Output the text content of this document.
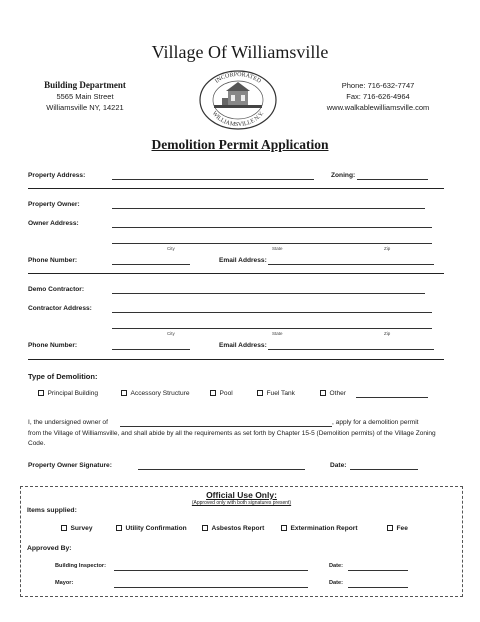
Village Of Williamsville
Building Department
5565 Main Street
Williamsville NY, 14221
INCORPORATED
WILLIAMSVILLE N.Y.
Phone: 716-632-7747
Fax: 716-626-4964
www.walkablewilliamsville.com
Demolition Permit Application
Property Address:	Zoning:
Property Owner:
Owner Address:
City	State	Zip
Phone Number:	Email Address:
Demo Contractor:
Contractor Address:
City	State	Zip
Phone Number:	Email Address:
Type of Demolition:
Principal Building	Accessory Structure	Pool	Fuel Tank	Other
I, the undersigned owner of	, apply for a demolition permit
from the Village of Williamsville, and shall abide by all the requirements as set forth by Chapter 15-5 (Demolition permits) of the Village Zoning Code.
Property Owner Signature:	Date:
Official Use Only:
(Approved only with both signatures present)
Items supplied:
Survey	Utility Confirmation	Asbestos Report	Extermination Report	Fee
Approved By:
Building Inspector:	Date:
Mayor:	Date:
